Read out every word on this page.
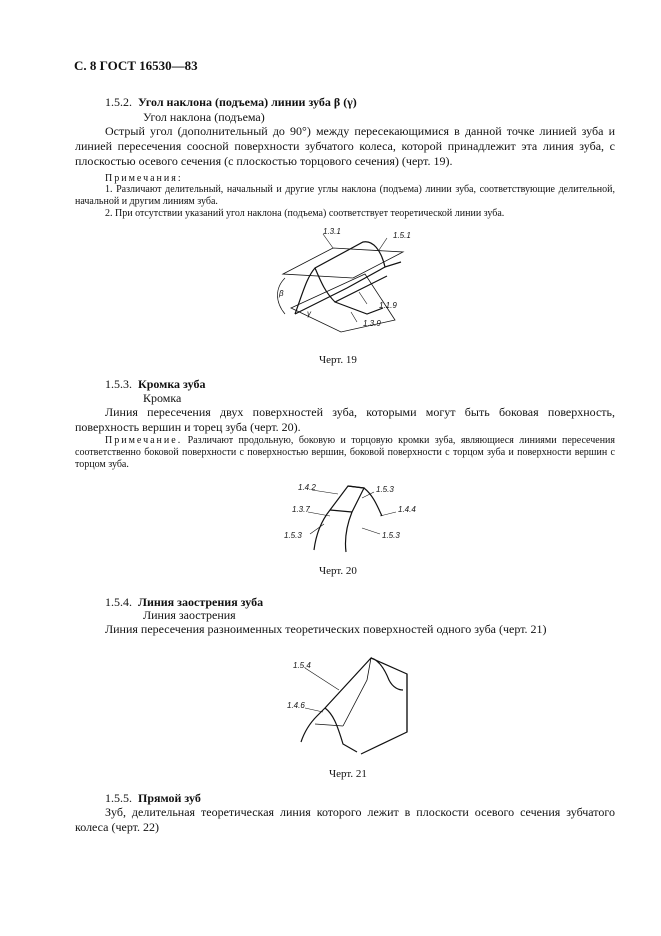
С. 8 ГОСТ 16530—83
1.5.2. Угол наклона (подъема) линии зуба β (γ)
Угол наклона (подъема)
Острый угол (дополнительный до 90°) между пересекающимися в данной точке линией зуба и линией пересечения соосной поверхности зубчатого колеса, которой принадлежит эта линия зуба, с плоскостью осевого сечения (с плоскостью торцового сечения) (черт. 19).
Примечания:
1. Различают делительный, начальный и другие углы наклона (подъема) линии зуба, соответствующие делительной, начальной и другим линиям зуба.
2. При отсутствии указаний угол наклона (подъема) соответствует теоретической линии зуба.
1.3.1	1.5.1
1.1.9
1.3.9
β
γ
Черт. 19
1.5.3. Кромка зуба
Кромка
Линия пересечения двух поверхностей зуба, которыми могут быть боковая поверхность, поверхность вершин и торец зуба (черт. 20).
Примечание. Различают продольную, боковую и торцовую кромки зуба, являющиеся линиями пересечения соответственно боковой поверхности с поверхностью вершин, боковой поверхности с торцом зуба и поверхности вершин с торцом зуба.
1.4.2	1.5.3
1.3.7	1.4.4
1.5.3	1.5.3
Черт. 20
1.5.4. Линия заострения зуба
Линия заострения
Линия пересечения разноименных теоретических поверхностей одного зуба (черт. 21)
1.5.4
1.4.6
Черт. 21
1.5.5. Прямой зуб
Зуб, делительная теоретическая линия которого лежит в плоскости осевого сечения зубчатого колеса (черт. 22)
